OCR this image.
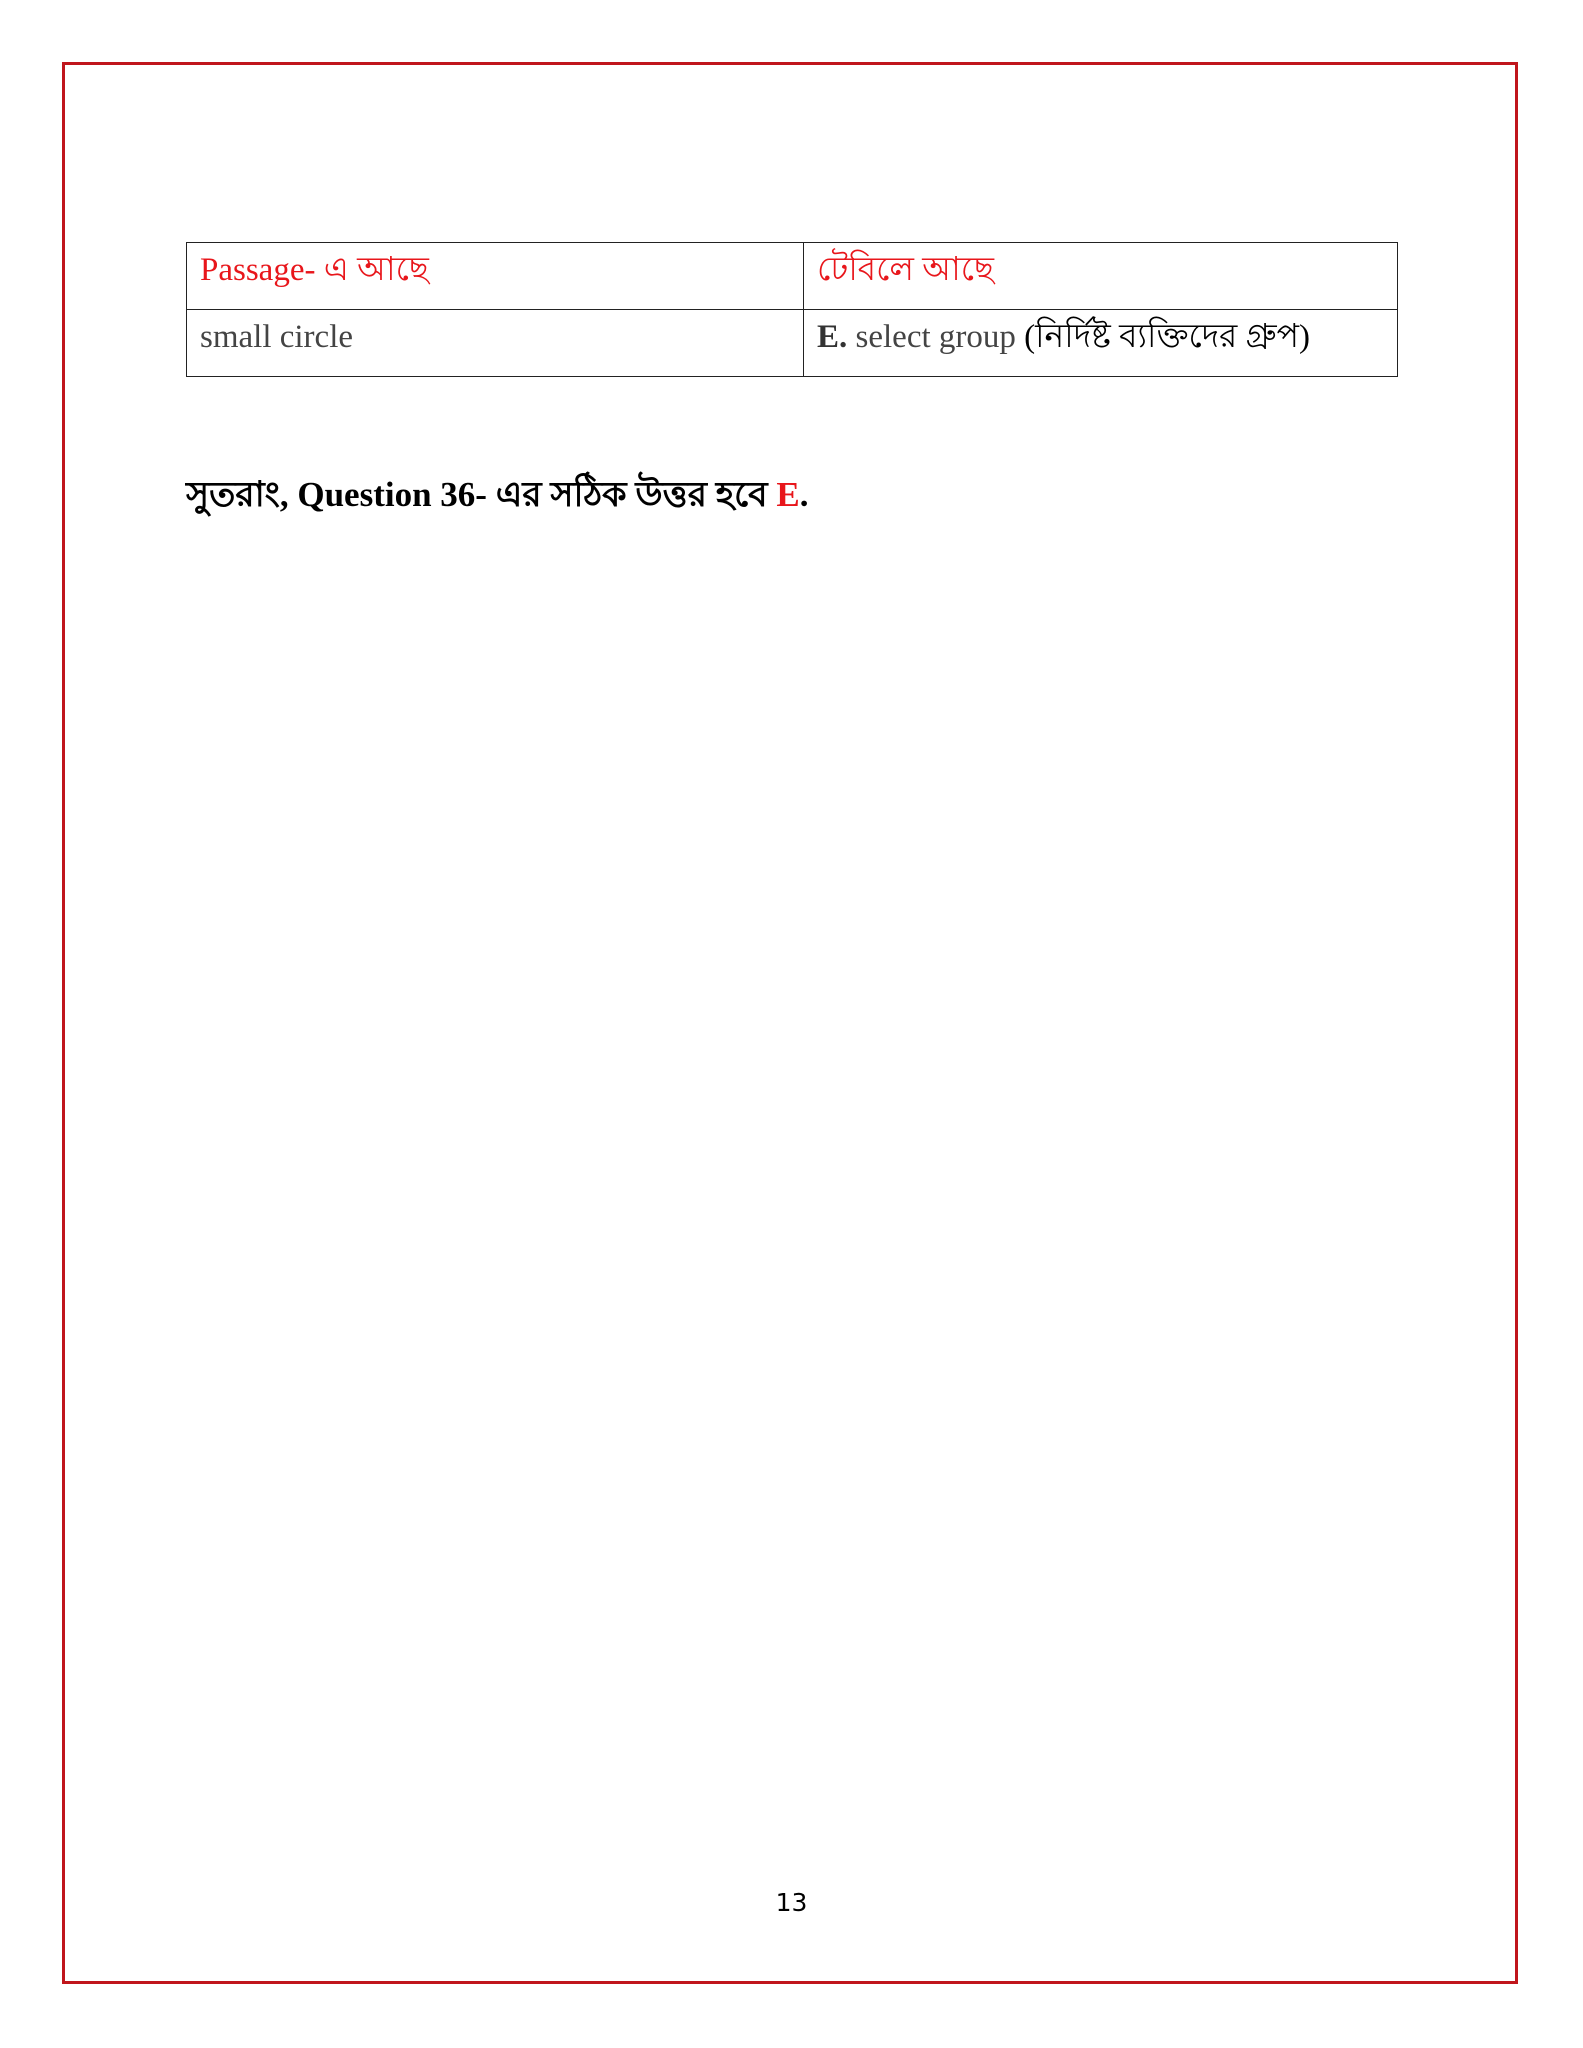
Passage- এ আছে	টেবিলে আছে
small circle	E. select group (নির্দিষ্ট ব্যক্তিদের গ্রুপ)

সুতরাং, Question 36- এর সঠিক উত্তর হবে E.

13
